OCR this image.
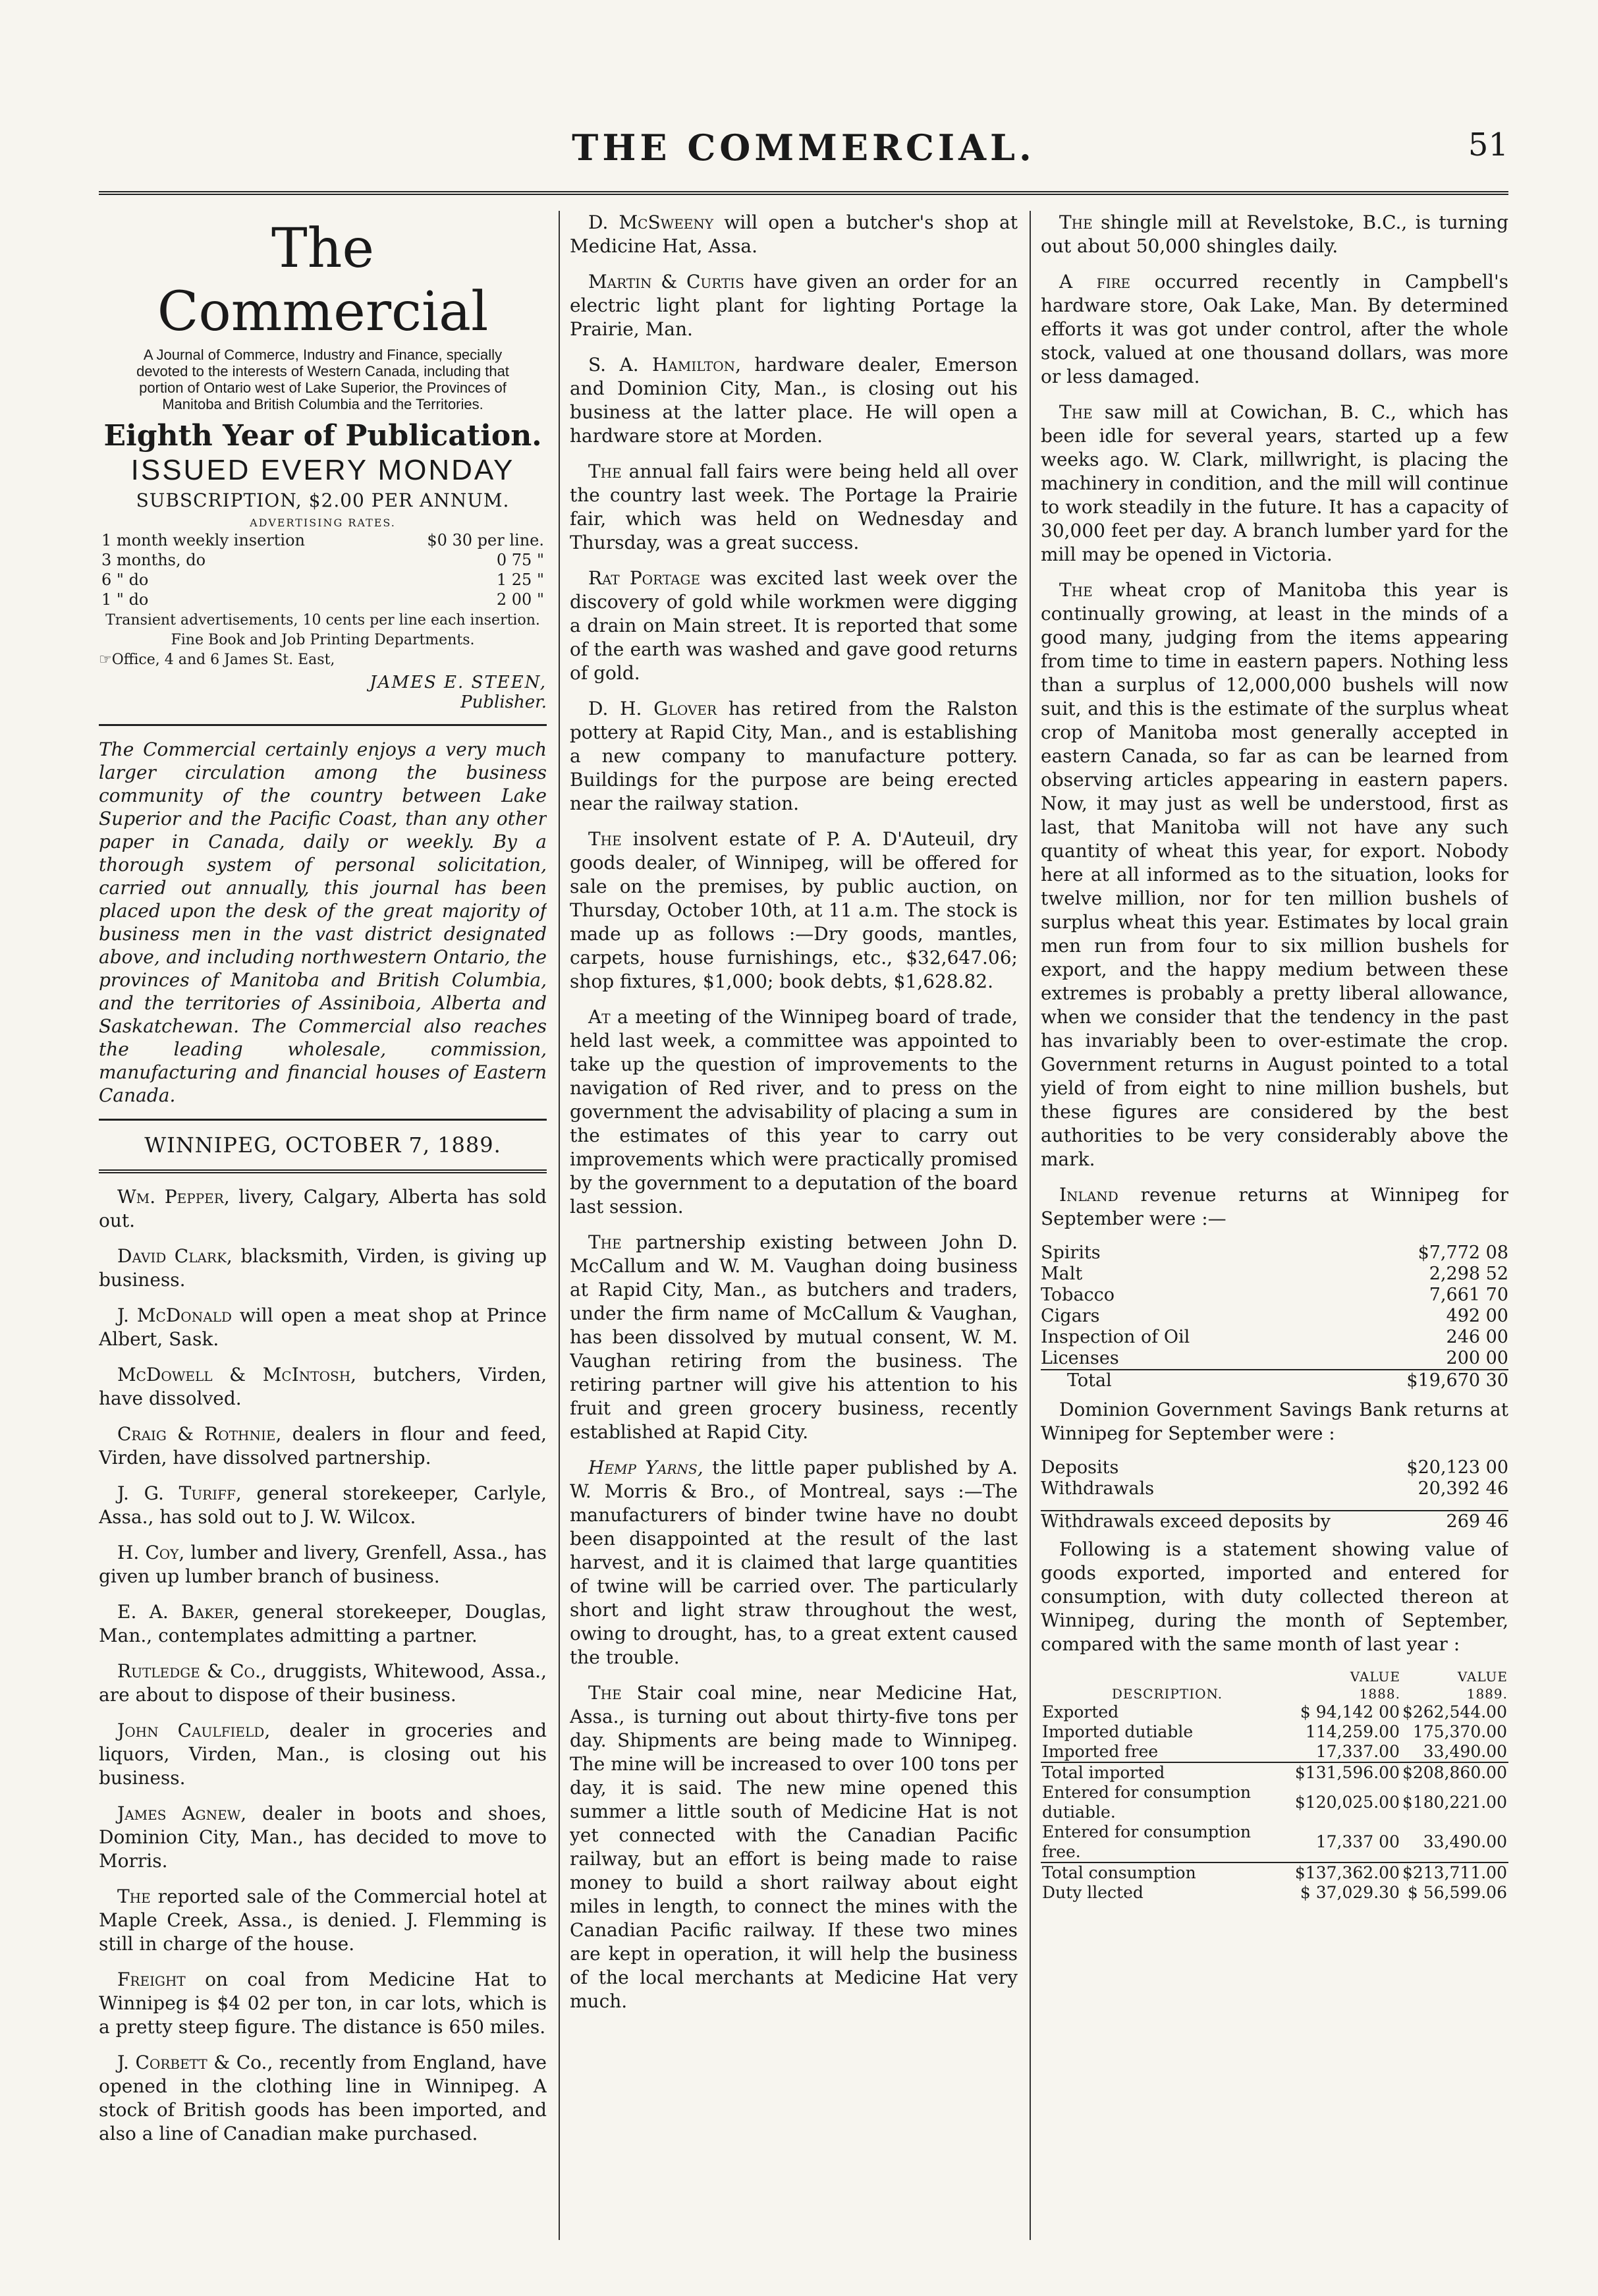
THE COMMERCIAL.	51
The Commercial
A Journal of Commerce, Industry and Finance, specially devoted to the interests of Western Canada, including that portion of Ontario west of Lake Superior, the Provinces of Manitoba and British Columbia and the Territories.
Eighth Year of Publication.
ISSUED EVERY MONDAY
SUBSCRIPTION, $2.00 PER ANNUM.
ADVERTISING RATES.
1 month weekly insertion	$0 30 per line.
3 months, do	0 75 "
6 " do	1 25 "
1 " do	2 00 "
Transient advertisements, 10 cents per line each insertion.
Fine Book and Job Printing Departments.
☞Office, 4 and 6 James St. East,
JAMES E. STEEN,
Publisher.

The Commercial certainly enjoys a very much larger circulation among the business community of the country between Lake Superior and the Pacific Coast, than any other paper in Canada, daily or weekly. By a thorough system of personal solicitation, carried out annually, this journal has been placed upon the desk of the great majority of business men in the vast district designated above, and including northwestern Ontario, the provinces of Manitoba and British Columbia, and the territories of Assiniboia, Alberta and Saskatchewan. The Commercial also reaches the leading wholesale, commission, manufacturing and financial houses of Eastern Canada.

WINNIPEG, OCTOBER 7, 1889.

Wm. Pepper, livery, Calgary, Alberta has sold out.

David Clark, blacksmith, Virden, is giving up business.

J. McDonald will open a meat shop at Prince Albert, Sask.

McDowell & McIntosh, butchers, Virden, have dissolved.

Craig & Rothnie, dealers in flour and feed, Virden, have dissolved partnership.

J. G. Turiff, general storekeeper, Carlyle, Assa., has sold out to J. W. Wilcox.

H. Coy, lumber and livery, Grenfell, Assa., has given up lumber branch of business.

E. A. Baker, general storekeeper, Douglas, Man., contemplates admitting a partner.

Rutledge & Co., druggists, Whitewood, Assa., are about to dispose of their business.

John Caulfield, dealer in groceries and liquors, Virden, Man., is closing out his business.

James Agnew, dealer in boots and shoes, Dominion City, Man., has decided to move to Morris.

The reported sale of the Commercial hotel at Maple Creek, Assa., is denied. J. Flemming is still in charge of the house.

Freight on coal from Medicine Hat to Winnipeg is $4 02 per ton, in car lots, which is a pretty steep figure. The distance is 650 miles.

J. Corbett & Co., recently from England, have opened in the clothing line in Winnipeg. A stock of British goods has been imported, and also a line of Canadian make purchased.

D. McSweeny will open a butcher's shop at Medicine Hat, Assa.

Martin & Curtis have given an order for an electric light plant for lighting Portage la Prairie, Man.

S. A. Hamilton, hardware dealer, Emerson and Dominion City, Man., is closing out his business at the latter place. He will open a hardware store at Morden.

The annual fall fairs were being held all over the country last week. The Portage la Prairie fair, which was held on Wednesday and Thursday, was a great success.

Rat Portage was excited last week over the discovery of gold while workmen were digging a drain on Main street. It is reported that some of the earth was washed and gave good returns of gold.

D. H. Glover has retired from the Ralston pottery at Rapid City, Man., and is establishing a new company to manufacture pottery. Buildings for the purpose are being erected near the railway station.

The insolvent estate of P. A. D'Auteuil, dry goods dealer, of Winnipeg, will be offered for sale on the premises, by public auction, on Thursday, October 10th, at 11 a.m. The stock is made up as follows :—Dry goods, mantles, carpets, house furnishings, etc., $32,647.06; shop fixtures, $1,000; book debts, $1,628.82.

At a meeting of the Winnipeg board of trade, held last week, a committee was appointed to take up the question of improvements to the navigation of Red river, and to press on the government the advisability of placing a sum in the estimates of this year to carry out improvements which were practically promised by the government to a deputation of the board last session.

The partnership existing between John D. McCallum and W. M. Vaughan doing business at Rapid City, Man., as butchers and traders, under the firm name of McCallum & Vaughan, has been dissolved by mutual consent, W. M. Vaughan retiring from the business. The retiring partner will give his attention to his fruit and green grocery business, recently established at Rapid City.

Hemp Yarns, the little paper published by A. W. Morris & Bro., of Montreal, says :—The manufacturers of binder twine have no doubt been disappointed at the result of the last harvest, and it is claimed that large quantities of twine will be carried over. The particularly short and light straw throughout the west, owing to drought, has, to a great extent caused the trouble.

The Stair coal mine, near Medicine Hat, Assa., is turning out about thirty-five tons per day. Shipments are being made to Winnipeg. The mine will be increased to over 100 tons per day, it is said. The new mine opened this summer a little south of Medicine Hat is not yet connected with the Canadian Pacific railway, but an effort is being made to raise money to build a short railway about eight miles in length, to connect the mines with the Canadian Pacific railway. If these two mines are kept in operation, it will help the business of the local merchants at Medicine Hat very much.

The shingle mill at Revelstoke, B.C., is turning out about 50,000 shingles daily.

A fire occurred recently in Campbell's hardware store, Oak Lake, Man. By determined efforts it was got under control, after the whole stock, valued at one thousand dollars, was more or less damaged.

The saw mill at Cowichan, B. C., which has been idle for several years, started up a few weeks ago. W. Clark, millwright, is placing the machinery in condition, and the mill will continue to work steadily in the future. It has a capacity of 30,000 feet per day. A branch lumber yard for the mill may be opened in Victoria.

The wheat crop of Manitoba this year is continually growing, at least in the minds of a good many, judging from the items appearing from time to time in eastern papers. Nothing less than a surplus of 12,000,000 bushels will now suit, and this is the estimate of the surplus wheat crop of Manitoba most generally accepted in eastern Canada, so far as can be learned from observing articles appearing in eastern papers. Now, it may just as well be understood, first as last, that Manitoba will not have any such quantity of wheat this year, for export. Nobody here at all informed as to the situation, looks for twelve million, nor for ten million bushels of surplus wheat this year. Estimates by local grain men run from four to six million bushels for export, and the happy medium between these extremes is probably a pretty liberal allowance, when we consider that the tendency in the past has invariably been to over-estimate the crop. Government returns in August pointed to a total yield of from eight to nine million bushels, but these figures are considered by the best authorities to be very considerably above the mark.

Inland revenue returns at Winnipeg for September were :—

Spirits	$7,772 08
Malt	2,298 52
Tobacco	7,661 70
Cigars	492 00
Inspection of Oil	246 00
Licenses	200 00
Total	$19,670 30

Dominion Government Savings Bank returns at Winnipeg for September were :

Deposits	$20,123 00
Withdrawals	20,392 46
Withdrawals exceed deposits by	269 46

Following is a statement showing value of goods exported, imported and entered for consumption, with duty collected thereon at Winnipeg, during the month of September, compared with the same month of last year :

	VALUE	VALUE
DESCRIPTION.	1888.	1889.
Exported	$ 94,142 00	$262,544.00
Imported dutiable	114,259.00	175,370.00
Imported free	17,337.00	33,490.00
Total imported	$131,596.00	$208,860.00
Entered for consumption dutiable.	$120,025.00	$180,221.00
Entered for consumption free.	17,337 00	33,490.00
Total consumption	$137,362.00	$213,711.00
Duty llected	$ 37,029.30	$ 56,599.06
